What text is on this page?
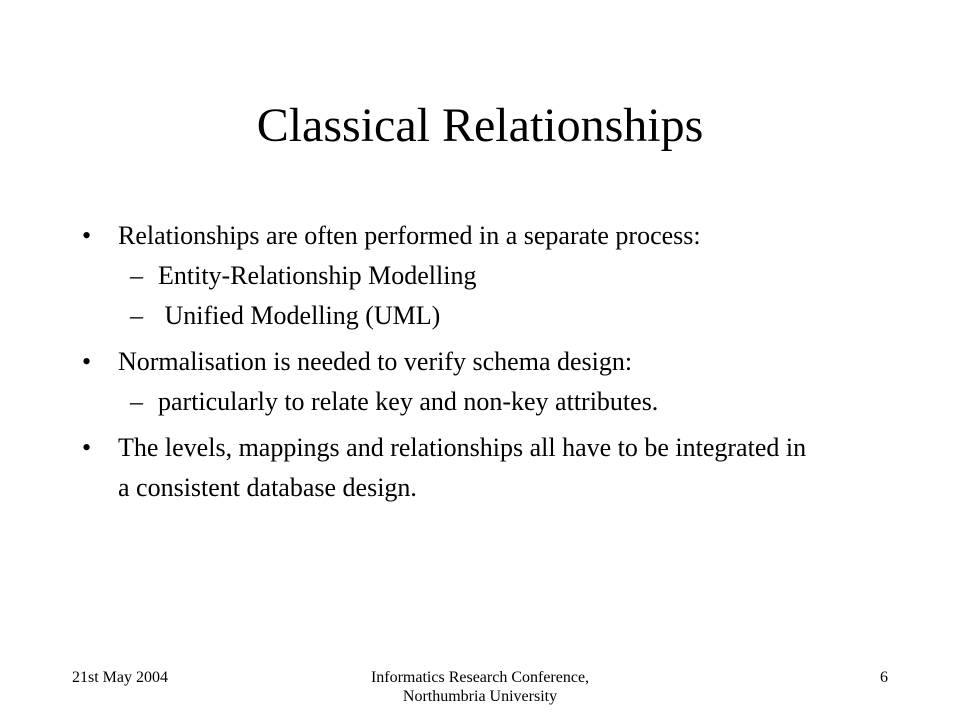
Classical Relationships
• Relationships are often performed in a separate process:
– Entity-Relationship Modelling
– Unified Modelling (UML)
• Normalisation is needed to verify schema design:
– particularly to relate key and non-key attributes.
• The levels, mappings and relationships all have to be integrated in a consistent database design.
21st May 2004	Informatics Research Conference,
Northumbria University
6
